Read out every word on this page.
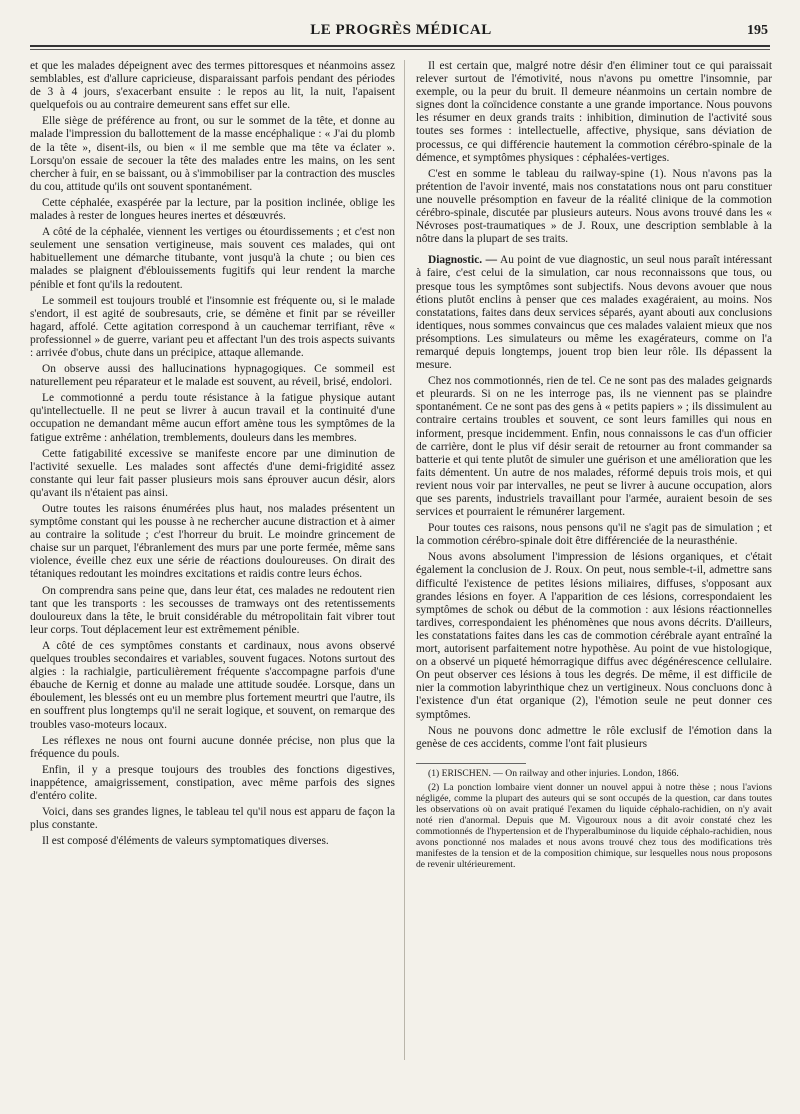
LE PROGRÈS MÉDICAL	195

et que les malades dépeignent avec des termes pittoresques et néanmoins assez semblables, est d'allure capricieuse, disparaissant parfois pendant des périodes de 3 à 4 jours, s'exacerbant ensuite : le repos au lit, la nuit, l'apaisent quelquefois ou au contraire demeurent sans effet sur elle.

Elle siège de préférence au front, ou sur le sommet de la tête, et donne au malade l'impression du ballottement de la masse encéphalique : « J'ai du plomb de la tête », disent-ils, ou bien « il me semble que ma tête va éclater ». Lorsqu'on essaie de secouer la tête des malades entre les mains, on les sent chercher à fuir, en se baissant, ou à s'immobiliser par la contraction des muscles du cou, attitude qu'ils ont souvent spontanément.

Cette céphalée, exaspérée par la lecture, par la position inclinée, oblige les malades à rester de longues heures inertes et désœuvrés.

A côté de la céphalée, viennent les vertiges ou étourdissements ; et c'est non seulement une sensation vertigineuse, mais souvent ces malades, qui ont habituellement une démarche titubante, vont jusqu'à la chute ; ou bien ces malades se plaignent d'éblouissements fugitifs qui leur rendent la marche pénible et font qu'ils la redoutent.

Le sommeil est toujours troublé et l'insomnie est fréquente ou, si le malade s'endort, il est agité de soubresauts, crie, se démène et finit par se réveiller hagard, affolé. Cette agitation correspond à un cauchemar terrifiant, rêve « professionnel » de guerre, variant peu et affectant l'un des trois aspects suivants : arrivée d'obus, chute dans un précipice, attaque allemande.

On observe aussi des hallucinations hypnagogiques. Ce sommeil est naturellement peu réparateur et le malade est souvent, au réveil, brisé, endolori.

Le commotionné a perdu toute résistance à la fatigue physique autant qu'intellectuelle. Il ne peut se livrer à aucun travail et la continuité d'une occupation ne demandant même aucun effort amène tous les symptômes de la fatigue extrême : anhélation, tremblements, douleurs dans les membres.

Cette fatigabilité excessive se manifeste encore par une diminution de l'activité sexuelle. Les malades sont affectés d'une demi-frigidité assez constante qui leur fait passer plusieurs mois sans éprouver aucun désir, alors qu'avant ils n'étaient pas ainsi.

Outre toutes les raisons énumérées plus haut, nos malades présentent un symptôme constant qui les pousse à ne rechercher aucune distraction et à aimer au contraire la solitude ; c'est l'horreur du bruit. Le moindre grincement de chaise sur un parquet, l'ébranlement des murs par une porte fermée, même sans violence, éveille chez eux une série de réactions douloureuses. On dirait des tétaniques redoutant les moindres excitations et raidis contre leurs échos.

On comprendra sans peine que, dans leur état, ces malades ne redoutent rien tant que les transports : les secousses de tramways ont des retentissements douloureux dans la tête, le bruit considérable du métropolitain fait vibrer tout leur corps. Tout déplacement leur est extrêmement pénible.

A côté de ces symptômes constants et cardinaux, nous avons observé quelques troubles secondaires et variables, souvent fugaces. Notons surtout des algies : la rachialgie, particulièrement fréquente s'accompagne parfois d'une ébauche de Kernig et donne au malade une attitude soudée. Lorsque, dans un éboulement, les blessés ont eu un membre plus fortement meurtri que l'autre, ils en souffrent plus longtemps qu'il ne serait logique, et souvent, on remarque des troubles vaso-moteurs locaux.

Les réflexes ne nous ont fourni aucune donnée précise, non plus que la fréquence du pouls.

Enfin, il y a presque toujours des troubles des fonctions digestives, inappétence, amaigrissement, constipation, avec même parfois des signes d'entéro colite.

Voici, dans ses grandes lignes, le tableau tel qu'il nous est apparu de façon la plus constante.

Il est composé d'éléments de valeurs symptomatiques diverses.

Il est certain que, malgré notre désir d'en éliminer tout ce qui paraissait relever surtout de l'émotivité, nous n'avons pu omettre l'insomnie, par exemple, ou la peur du bruit. Il demeure néanmoins un certain nombre de signes dont la coïncidence constante a une grande importance. Nous pouvons les résumer en deux grands traits : inhibition, diminution de l'activité sous toutes ses formes : intellectuelle, affective, physique, sans déviation de processus, ce qui différencie hautement la commotion cérébro-spinale de la démence, et symptômes physiques : céphalées-vertiges.

C'est en somme le tableau du railway-spine (1). Nous n'avons pas la prétention de l'avoir inventé, mais nos constatations nous ont paru constituer une nouvelle présomption en faveur de la réalité clinique de la commotion cérébro-spinale, discutée par plusieurs auteurs. Nous avons trouvé dans les « Névroses post-traumatiques » de J. Roux, une description semblable à la nôtre dans la plupart de ses traits.

Diagnostic. — Au point de vue diagnostic, un seul nous paraît intéressant à faire, c'est celui de la simulation, car nous reconnaissons que tous, ou presque tous les symptômes sont subjectifs. Nous devons avouer que nous étions plutôt enclins à penser que ces malades exagéraient, au moins. Nos constatations, faites dans deux services séparés, ayant abouti aux conclusions identiques, nous sommes convaincus que ces malades valaient mieux que nos présomptions. Les simulateurs ou même les exagérateurs, comme on l'a remarqué depuis longtemps, jouent trop bien leur rôle. Ils dépassent la mesure.

Chez nos commotionnés, rien de tel. Ce ne sont pas des malades geignards et pleurards. Si on ne les interroge pas, ils ne viennent pas se plaindre spontanément. Ce ne sont pas des gens à « petits papiers » ; ils dissimulent au contraire certains troubles et souvent, ce sont leurs familles qui nous en informent, presque incidemment. Enfin, nous connaissons le cas d'un officier de carrière, dont le plus vif désir serait de retourner au front commander sa batterie et qui tente plutôt de simuler une guérison et une amélioration que les faits démentent. Un autre de nos malades, réformé depuis trois mois, et qui revient nous voir par intervalles, ne peut se livrer à aucune occupation, alors que ses parents, industriels travaillant pour l'armée, auraient besoin de ses services et pourraient le rémunérer largement.

Pour toutes ces raisons, nous pensons qu'il ne s'agit pas de simulation ; et la commotion cérébro-spinale doit être différenciée de la neurasthénie.

Nous avons absolument l'impression de lésions organiques, et c'était également la conclusion de J. Roux. On peut, nous semble-t-il, admettre sans difficulté l'existence de petites lésions miliaires, diffuses, s'opposant aux grandes lésions en foyer. A l'apparition de ces lésions, correspondaient les symptômes de schok ou début de la commotion : aux lésions réactionnelles tardives, correspondaient les phénomènes que nous avons décrits. D'ailleurs, les constatations faites dans les cas de commotion cérébrale ayant entraîné la mort, autorisent parfaitement notre hypothèse. Au point de vue histologique, on a observé un piqueté hémorragique diffus avec dégénérescence cellulaire. On peut observer ces lésions à tous les degrés. De même, il est difficile de nier la commotion labyrinthique chez un vertigineux. Nous concluons donc à l'existence d'un état organique (2), l'émotion seule ne peut donner ces symptômes.

Nous ne pouvons donc admettre le rôle exclusif de l'émotion dans la genèse de ces accidents, comme l'ont fait plusieurs

(1) ERISCHEN. — On railway and other injuries. London, 1866.

(2) La ponction lombaire vient donner un nouvel appui à notre thèse ; nous l'avions négligée, comme la plupart des auteurs qui se sont occupés de la question, car dans toutes les observations où on avait pratiqué l'examen du liquide céphalo-rachidien, on n'y avait noté rien d'anormal. Depuis que M. Vigouroux nous a dit avoir constaté chez les commotionnés de l'hypertension et de l'hyperalbuminose du liquide céphalo-rachidien, nous avons ponctionné nos malades et nous avons trouvé chez tous des modifications très manifestes de la tension et de la composition chimique, sur lesquelles nous nous proposons de revenir ultérieurement.
